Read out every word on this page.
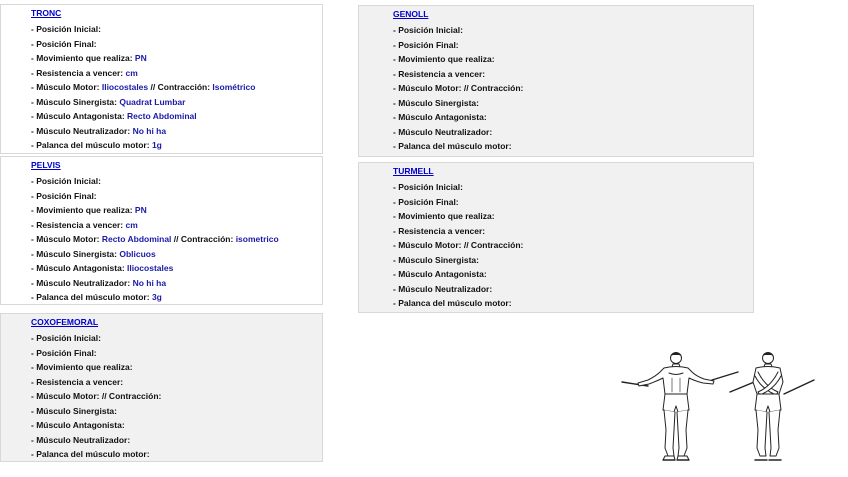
TRONC
- Posición Inicial:
- Posición Final:
- Movimiento que realiza: PN
- Resistencia a vencer: cm
- Músculo Motor: Iliocostales // Contracción: Isométrico
- Músculo Sinergista: Quadrat Lumbar
- Músculo Antagonista: Recto Abdominal
- Músculo Neutralizador: No hi ha
- Palanca del músculo motor: 1g
PELVIS
- Posición Inicial:
- Posición Final:
- Movimiento que realiza: PN
- Resistencia a vencer: cm
- Músculo Motor: Recto Abdominal // Contracción: isometrico
- Músculo Sinergista: Oblicuos
- Músculo Antagonista: Iliocostales
- Músculo Neutralizador: No hi ha
- Palanca del músculo motor: 3g
COXOFEMORAL
- Posición Inicial:
- Posición Final:
- Movimiento que realiza:
- Resistencia a vencer:
- Músculo Motor: // Contracción:
- Músculo Sinergista:
- Músculo Antagonista:
- Músculo Neutralizador:
- Palanca del músculo motor:
GENOLL
- Posición Inicial:
- Posición Final:
- Movimiento que realiza:
- Resistencia a vencer:
- Músculo Motor: // Contracción:
- Músculo Sinergista:
- Músculo Antagonista:
- Músculo Neutralizador:
- Palanca del músculo motor:
TURMELL
- Posición Inicial:
- Posición Final:
- Movimiento que realiza:
- Resistencia a vencer:
- Músculo Motor: // Contracción:
- Músculo Sinergista:
- Músculo Antagonista:
- Músculo Neutralizador:
- Palanca del músculo motor:
